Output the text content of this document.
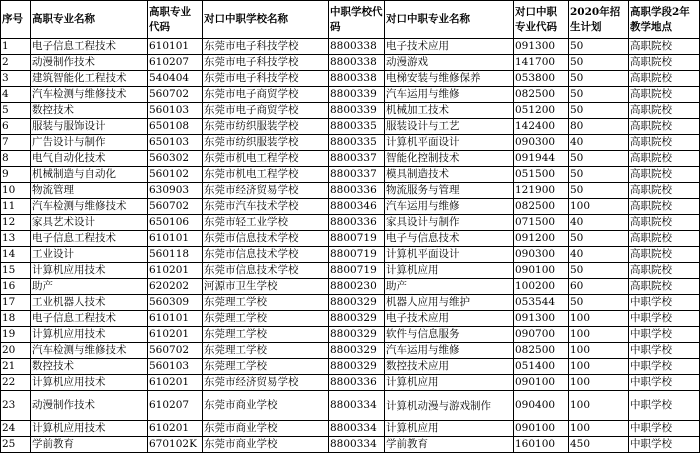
序号	高职专业名称	高职专业代码	对口中职学校名称	中职学校代码	对口中职专业名称	对口中职专业代码	2020年招生计划	高职学段2年教学地点
1	电子信息工程技术	610101	东莞市电子科技学校	8800338	电子技术应用	091300	50	高职院校
2	动漫制作技术	610207	东莞市电子科技学校	8800338	动漫游戏	141700	50	高职院校
3	建筑智能化工程技术	540404	东莞市电子科技学校	8800338	电梯安装与维修保养	053800	50	高职院校
4	汽车检测与维修技术	560702	东莞市电子商贸学校	8800339	汽车运用与维修	082500	50	高职院校
5	数控技术	560103	东莞市电子商贸学校	8800339	机械加工技术	051200	50	高职院校
6	服装与服饰设计	650108	东莞市纺织服装学校	8800335	服装设计与工艺	142400	80	高职院校
7	广告设计与制作	650103	东莞市纺织服装学校	8800335	计算机平面设计	090300	40	高职院校
8	电气自动化技术	560302	东莞市机电工程学校	8800337	智能化控制技术	091944	50	高职院校
9	机械制造与自动化	560102	东莞市机电工程学校	8800337	模具制造技术	051500	50	高职院校
10	物流管理	630903	东莞市经济贸易学校	8800336	物流服务与管理	121900	50	高职院校
11	汽车检测与维修技术	560702	东莞市汽车技术学校	8800346	汽车运用与维修	082500	100	高职院校
12	家具艺术设计	650106	东莞市轻工业学校	8800336	家具设计与制作	071500	40	高职院校
13	电子信息工程技术	610101	东莞市信息技术学校	8800719	电子与信息技术	091200	50	高职院校
14	工业设计	560118	东莞市信息技术学校	8800719	计算机平面设计	090300	40	高职院校
15	计算机应用技术	610201	东莞市信息技术学校	8800719	计算机应用	090100	50	高职院校
16	助产	620202	河源市卫生学校	8800230	助产	100200	60	高职院校
17	工业机器人技术	560309	东莞理工学校	8800329	机器人应用与维护	053544	50	中职学校
18	电子信息工程技术	610101	东莞理工学校	8800329	电子技术应用	091300	100	中职学校
19	计算机应用技术	610201	东莞理工学校	8800329	软件与信息服务	090700	100	中职学校
20	汽车检测与维修技术	560702	东莞理工学校	8800329	汽车运用与维修	082500	100	中职学校
21	数控技术	560103	东莞理工学校	8800329	数控技术应用	051400	100	中职学校
22	计算机应用技术	610201	东莞市经济贸易学校	8800336	计算机应用	090100	100	中职学校
23	动漫制作技术	610207	东莞市商业学校	8800334	计算机动漫与游戏制作	090400	100	中职学校
24	计算机应用技术	610201	东莞市商业学校	8800334	计算机应用	090100	100	中职学校
25	学前教育	670102K	东莞市商业学校	8800334	学前教育	160100	450	中职学校
